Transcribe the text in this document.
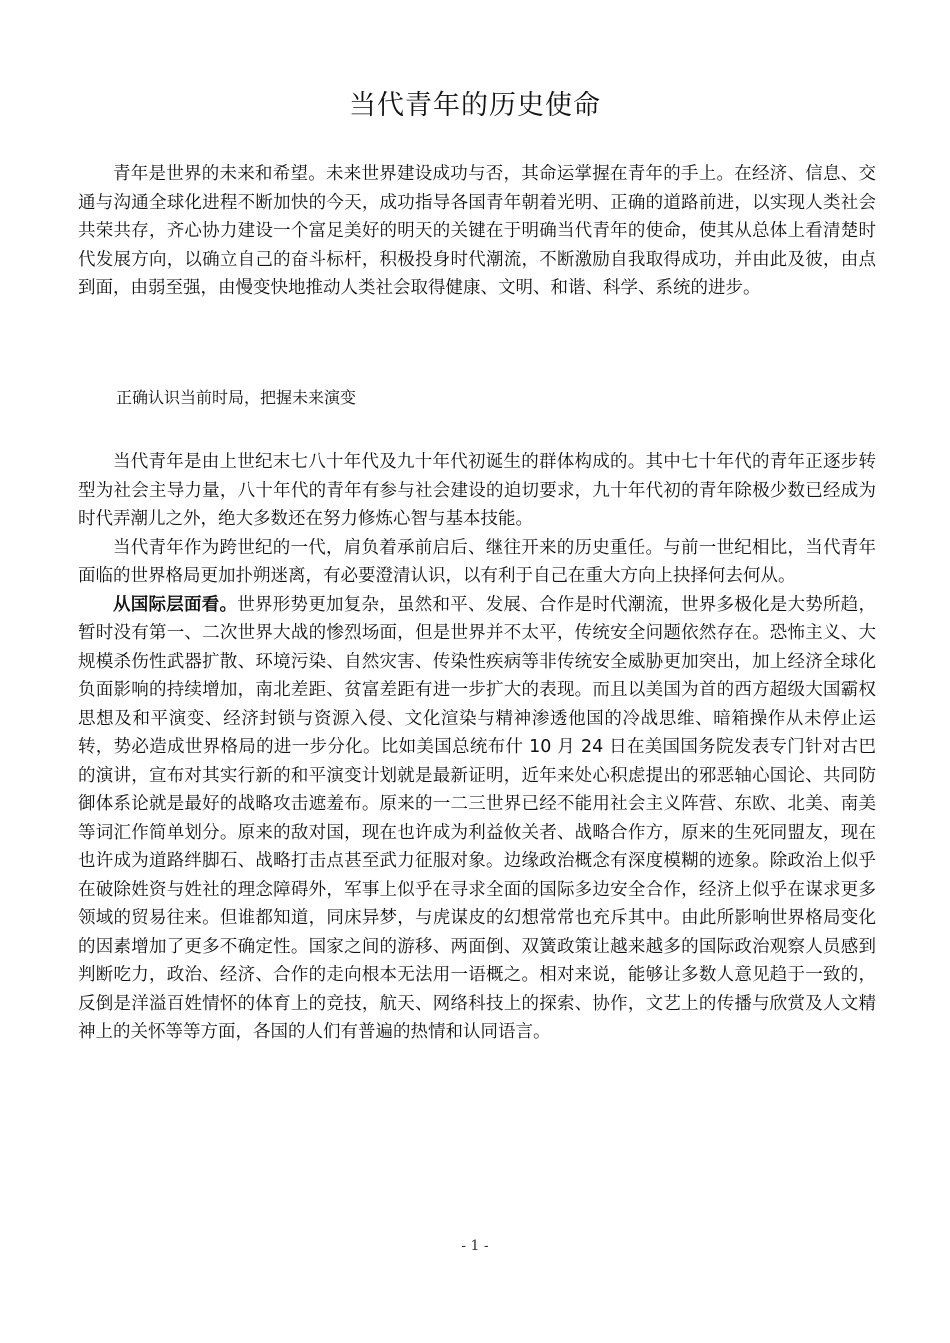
当代青年的历史使命

青年是世界的未来和希望。未来世界建设成功与否，其命运掌握在青年的手上。在经济、信息、交通与沟通全球化进程不断加快的今天，成功指导各国青年朝着光明、正确的道路前进，以实现人类社会共荣共存，齐心协力建设一个富足美好的明天的关键在于明确当代青年的使命，使其从总体上看清楚时代发展方向，以确立自己的奋斗标杆，积极投身时代潮流，不断激励自我取得成功，并由此及彼，由点到面，由弱至强，由慢变快地推动人类社会取得健康、文明、和谐、科学、系统的进步。

正确认识当前时局，把握未来演变

当代青年是由上世纪末七八十年代及九十年代初诞生的群体构成的。其中七十年代的青年正逐步转型为社会主导力量，八十年代的青年有参与社会建设的迫切要求，九十年代初的青年除极少数已经成为时代弄潮儿之外，绝大多数还在努力修炼心智与基本技能。

当代青年作为跨世纪的一代，肩负着承前启后、继往开来的历史重任。与前一世纪相比，当代青年面临的世界格局更加扑朔迷离，有必要澄清认识，以有利于自己在重大方向上抉择何去何从。

从国际层面看。世界形势更加复杂，虽然和平、发展、合作是时代潮流，世界多极化是大势所趋，暂时没有第一、二次世界大战的惨烈场面，但是世界并不太平，传统安全问题依然存在。恐怖主义、大规模杀伤性武器扩散、环境污染、自然灾害、传染性疾病等非传统安全威胁更加突出，加上经济全球化负面影响的持续增加，南北差距、贫富差距有进一步扩大的表现。而且以美国为首的西方超级大国霸权思想及和平演变、经济封锁与资源入侵、文化渲染与精神渗透他国的冷战思维、暗箱操作从未停止运转，势必造成世界格局的进一步分化。比如美国总统布什 10 月 24 日在美国国务院发表专门针对古巴的演讲，宣布对其实行新的和平演变计划就是最新证明，近年来处心积虑提出的邪恶轴心国论、共同防御体系论就是最好的战略攻击遮羞布。原来的一二三世界已经不能用社会主义阵营、东欧、北美、南美等词汇作简单划分。原来的敌对国，现在也许成为利益攸关者、战略合作方，原来的生死同盟友，现在也许成为道路绊脚石、战略打击点甚至武力征服对象。边缘政治概念有深度模糊的迹象。除政治上似乎在破除姓资与姓社的理念障碍外，军事上似乎在寻求全面的国际多边安全合作，经济上似乎在谋求更多领域的贸易往来。但谁都知道，同床异梦，与虎谋皮的幻想常常也充斥其中。由此所影响世界格局变化的因素增加了更多不确定性。国家之间的游移、两面倒、双簧政策让越来越多的国际政治观察人员感到判断吃力，政治、经济、合作的走向根本无法用一语概之。相对来说，能够让多数人意见趋于一致的，反倒是洋溢百姓情怀的体育上的竞技，航天、网络科技上的探索、协作，文艺上的传播与欣赏及人文精神上的关怀等等方面，各国的人们有普遍的热情和认同语言。

- 1 -
